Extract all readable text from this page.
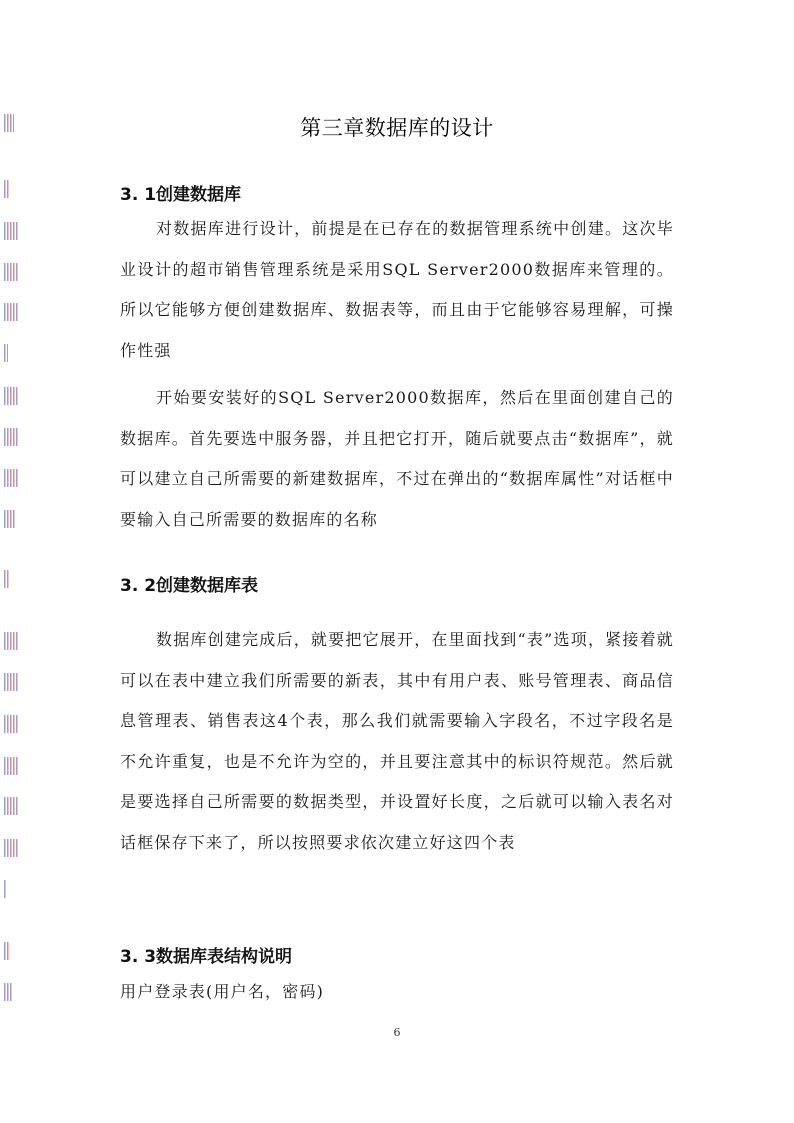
第三章数据库的设计
3. 1创建数据库
对数据库进行设计，前提是在已存在的数据管理系统中创建。这次毕业设计的超市销售管理系统是采用SQL Server2000数据库来管理的。所以它能够方便创建数据库、数据表等，而且由于它能够容易理解，可操作性强
开始要安装好的SQL Server2000数据库，然后在里面创建自己的数据库。首先要选中服务器，并且把它打开，随后就要点击“数据库”，就可以建立自己所需要的新建数据库，不过在弹出的“数据库属性”对话框中要输入自己所需要的数据库的名称
3. 2创建数据库表
数据库创建完成后，就要把它展开，在里面找到“表”选项，紧接着就可以在表中建立我们所需要的新表，其中有用户表、账号管理表、商品信息管理表、销售表这4个表，那么我们就需要输入字段名，不过字段名是不允许重复，也是不允许为空的，并且要注意其中的标识符规范。然后就是要选择自己所需要的数据类型，并设置好长度，之后就可以输入表名对话框保存下来了，所以按照要求依次建立好这四个表
3. 3数据库表结构说明
用户登录表(用户名，密码)
6
